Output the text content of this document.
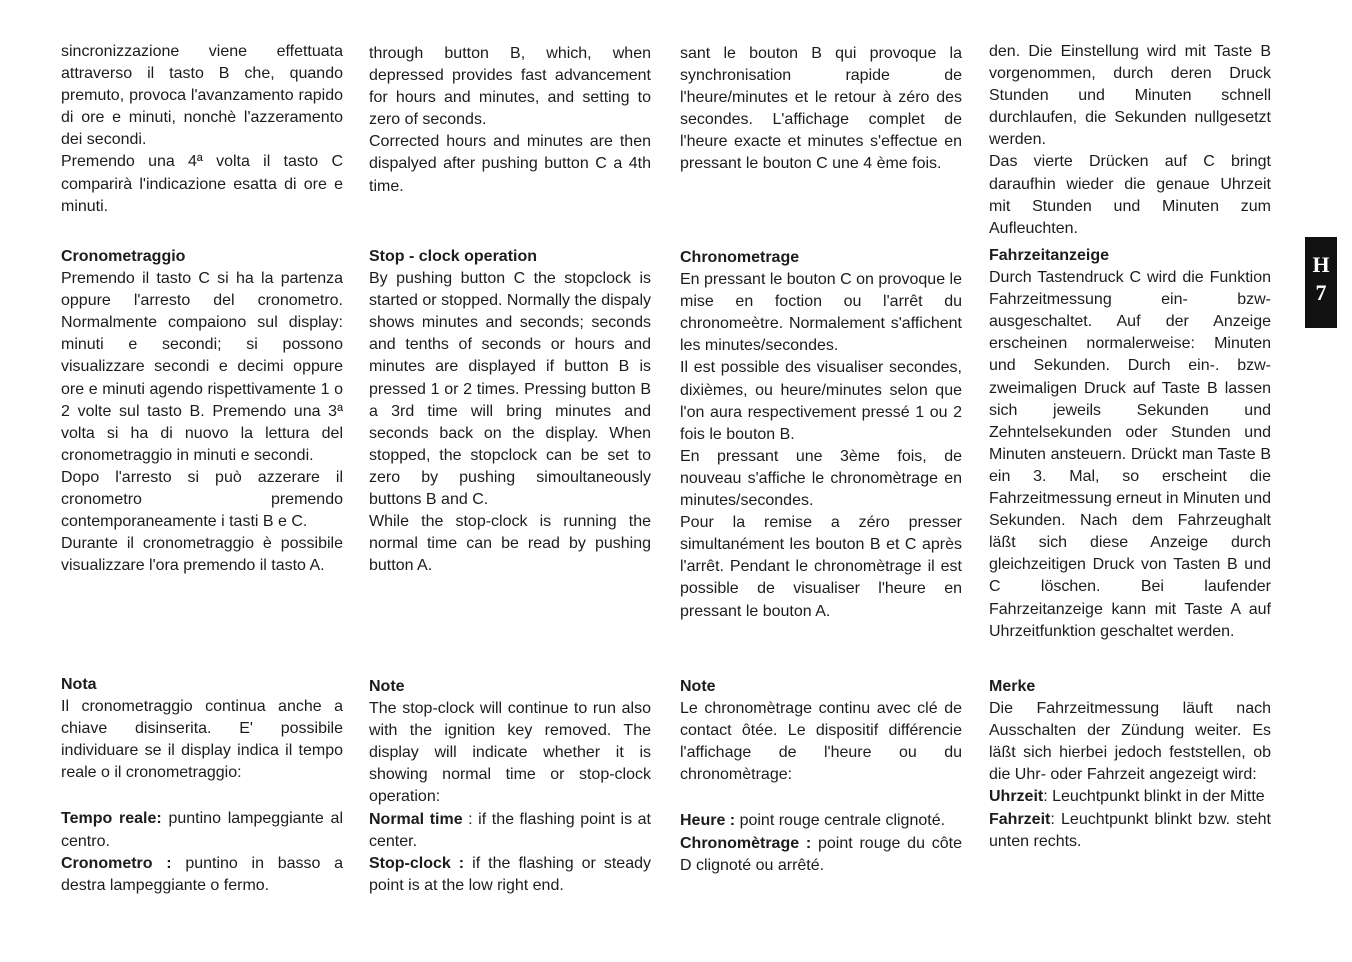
sincronizzazione viene effettuata attraverso il tasto B che, quando premuto, provoca l'avanzamento rapido di ore e minuti, nonchè l'azzeramento dei secondi.

Premendo una 4ª volta il tasto C comparirà l'indicazione esatta di ore e minuti.

Cronometraggio

Premendo il tasto C si ha la partenza oppure l'arresto del cronometro. Normalmente compaiono sul display: minuti e secondi; si possono visualizzare secondi e decimi oppure ore e minuti agendo rispettivamente 1 o 2 volte sul tasto B. Premendo una 3ª volta si ha di nuovo la lettura del cronometraggio in minuti e secondi.

Dopo l'arresto si può azzerare il cronometro premendo contemporaneamente i tasti B e C.

Durante il cronometraggio è possibile visualizzare l'ora premendo il tasto A.

Nota

Il cronometraggio continua anche a chiave disinserita. E' possibile individuare se il display indica il tempo reale o il cronometraggio:

Tempo reale: puntino lampeggiante al centro.

Cronometro : puntino in basso a destra lampeggiante o fermo.

through button B, which, when depressed provides fast advancement for hours and minutes, and setting to zero of seconds.

Corrected hours and minutes are then dispalyed after pushing button C a 4th time.

Stop - clock operation

By pushing button C the stopclock is started or stopped. Normally the dispaly shows minutes and seconds; seconds and tenths of seconds or hours and minutes are displayed if button B is pressed 1 or 2 times. Pressing button B a 3rd time will bring minutes and seconds back on the display. When stopped, the stopclock can be set to zero by pushing simoultaneously buttons B and C.

While the stop-clock is running the normal time can be read by pushing button A.

Note

The stop-clock will continue to run also with the ignition key removed. The display will indicate whether it is showing normal time or stop-clock operation:

Normal time : if the flashing point is at center.

Stop-clock : if the flashing or steady point is at the low right end.

sant le bouton B qui provoque la synchronisation rapide de l'heure/minutes et le retour à zéro des secondes. L'affichage complet de l'heure exacte et minutes s'effectue en pressant le bouton C une 4 ème fois.

Chronometrage

En pressant le bouton C on provoque le mise en foction ou l'arrêt du chronomeètre. Normalement s'affichent les minutes/secondes.

Il est possible des visualiser secondes, dixièmes, ou heure/minutes selon que l'on aura respectivement pressé 1 ou 2 fois le bouton B.

En pressant une 3ème fois, de nouveau s'affiche le chronomètrage en minutes/secondes.

Pour la remise a zéro presser simultanément les bouton B et C après l'arrêt. Pendant le chronomètrage il est possible de visualiser l'heure en pressant le bouton A.

Note

Le chronomètrage continu avec clé de contact ôtée. Le dispositif différencie l'affichage de l'heure ou du chronomètrage:

Heure : point rouge centrale clignoté.

Chronomètrage : point rouge du côte D clignoté ou arrêté.

den. Die Einstellung wird mit Taste B vorgenommen, durch deren Druck Stunden und Minuten schnell durchlaufen, die Sekunden nullgesetzt werden.

Das vierte Drücken auf C bringt daraufhin wieder die genaue Uhrzeit mit Stunden und Minuten zum Aufleuchten.

Fahrzeitanzeige

Durch Tastendruck C wird die Funktion Fahrzeitmessung ein- bzw- ausgeschaltet. Auf der Anzeige erscheinen normalerweise: Minuten und Sekunden. Durch ein-. bzw- zweimaligen Druck auf Taste B lassen sich jeweils Sekunden und Zehntelsekunden oder Stunden und Minuten ansteuern. Drückt man Taste B ein 3. Mal, so erscheint die Fahrzeitmessung erneut in Minuten und Sekunden. Nach dem Fahrzeughalt läßt sich diese Anzeige durch gleichzeitigen Druck von Tasten B und C löschen. Bei laufender Fahrzeitanzeige kann mit Taste A auf Uhrzeitfunktion geschaltet werden.

Merke

Die Fahrzeitmessung läuft nach Ausschalten der Zündung weiter. Es läßt sich hierbei jedoch feststellen, ob die Uhr- oder Fahrzeit angezeigt wird:

Uhrzeit: Leuchtpunkt blinkt in der Mitte

Fahrzeit: Leuchtpunkt blinkt bzw. steht unten rechts.

H
7
